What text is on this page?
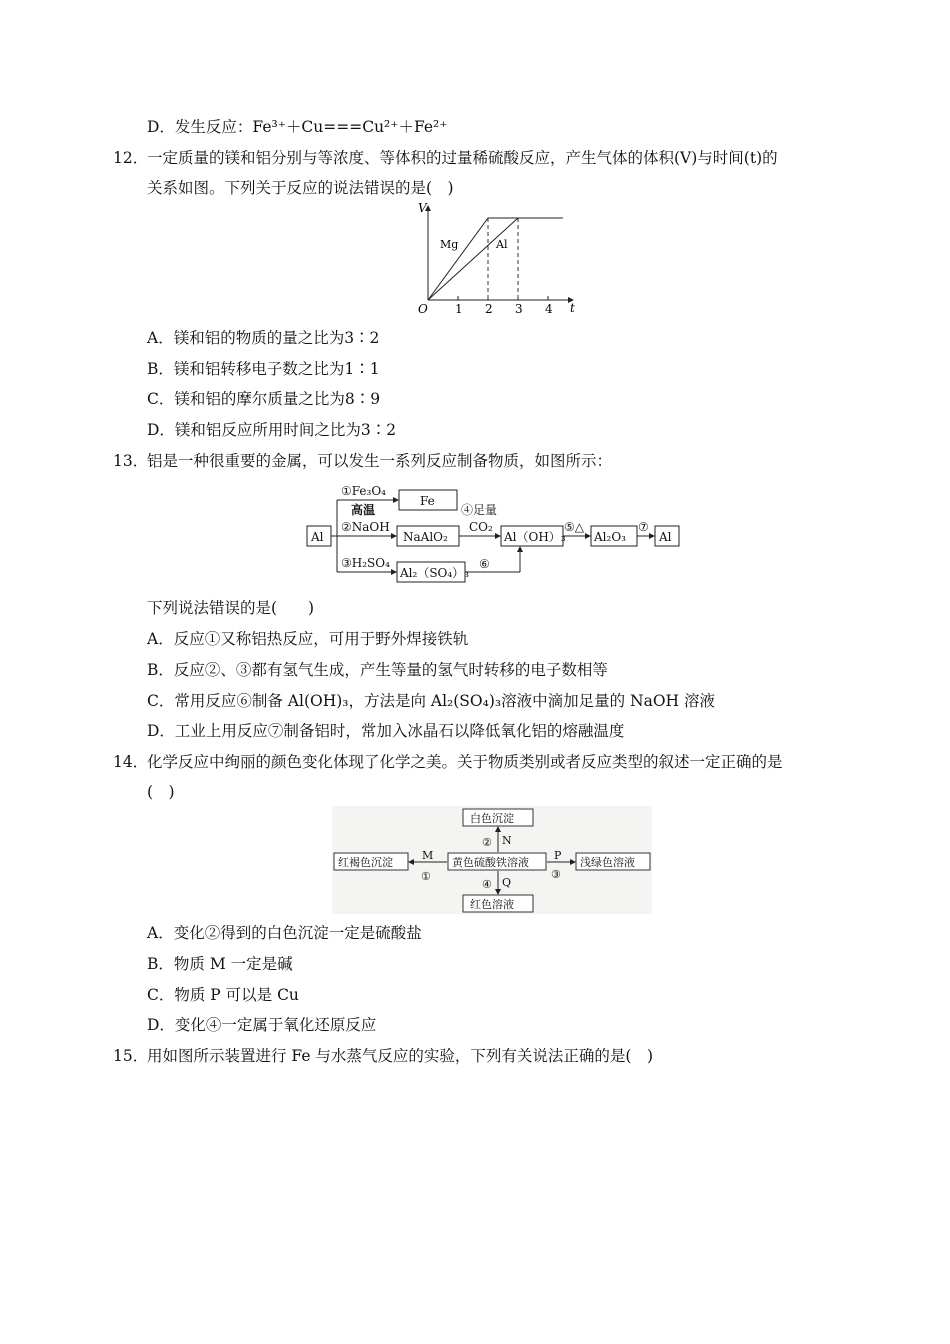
D．发生反应：Fe³⁺＋Cu===Cu²⁺＋Fe²⁺
12．
一定质量的镁和铝分别与等浓度、等体积的过量稀硫酸反应，产生气体的体积(V)与时间(t)的
关系如图。下列关于反应的说法错误的是(　)
V
t
O 1 2 3 4
Mg	Al
A．镁和铝的物质的量之比为3∶2
B．镁和铝转移电子数之比为1∶1
C．镁和铝的摩尔质量之比为8∶9
D．镁和铝反应所用时间之比为3∶2
13．
铝是一种很重要的金属，可以发生一系列反应制备物质，如图所示：
Al
①Fe₃O₄
高温
Fe
②NaOH
NaAlO₂
④足量
CO₂
Al（OH）₃
⑤△
Al₂O₃
⑦
Al
③H₂SO₄
Al₂（SO₄）₃
⑥
下列说法错误的是(　　)
A．反应①又称铝热反应，可用于野外焊接铁轨
B．反应②、③都有氢气生成，产生等量的氢气时转移的电子数相等
C．常用反应⑥制备 Al(OH)₃，方法是向 Al₂(SO₄)₃溶液中滴加足量的 NaOH 溶液
D．工业上用反应⑦制备铝时，常加入冰晶石以降低氧化铝的熔融温度
14．
化学反应中绚丽的颜色变化体现了化学之美。关于物质类别或者反应类型的叙述一定正确的是
(　)
白色沉淀
黄色硫酸铁溶液
红褐色沉淀	浅绿色溶液
红色溶液
② N
M
①
P
③
④ Q
A．变化②得到的白色沉淀一定是硫酸盐
B．物质 M 一定是碱
C．物质 P 可以是 Cu
D．变化④一定属于氧化还原反应
15．
用如图所示装置进行 Fe 与水蒸气反应的实验，下列有关说法正确的是(　)
